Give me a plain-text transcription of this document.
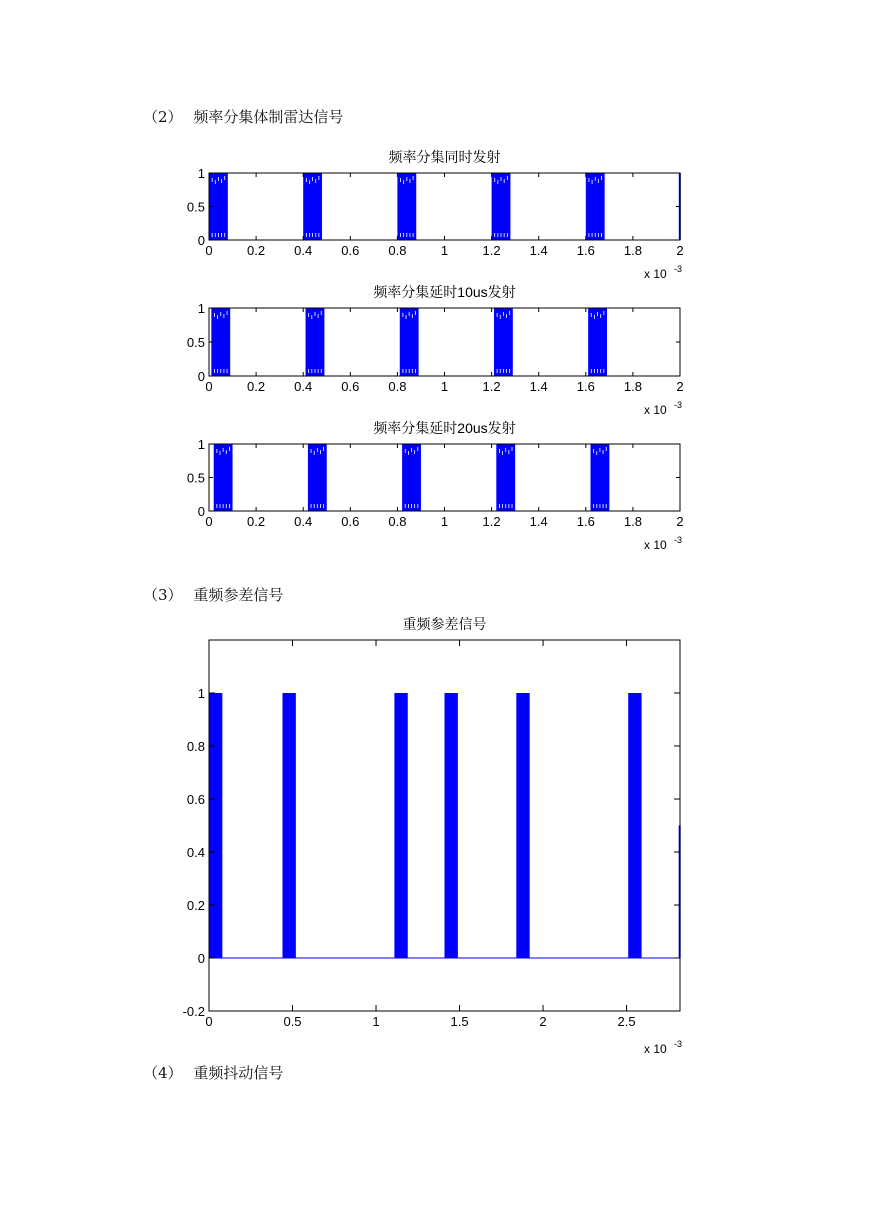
（2） 频率分集体制雷达信号
（3） 重频参差信号
（4） 重频抖动信号
频率分集同时发射
0	0.2 0.4 0.6 0.8	1	1.2 1.4 1.6 1.8	2
0
0.5
1
x 10 -3
频率分集延时10us发射
0	0.2 0.4 0.6 0.8	1	1.2 1.4 1.6 1.8	2
0
0.5
1
x 10 -3
频率分集延时20us发射
0	0.2 0.4 0.6 0.8	1	1.2 1.4 1.6 1.8	2
0
0.5
1
x 10 -3
重频参差信号
0	0.5	1	1.5	2	2.5
-0.2
0
0.2
0.4
0.6
0.8
1
x 10 -3
